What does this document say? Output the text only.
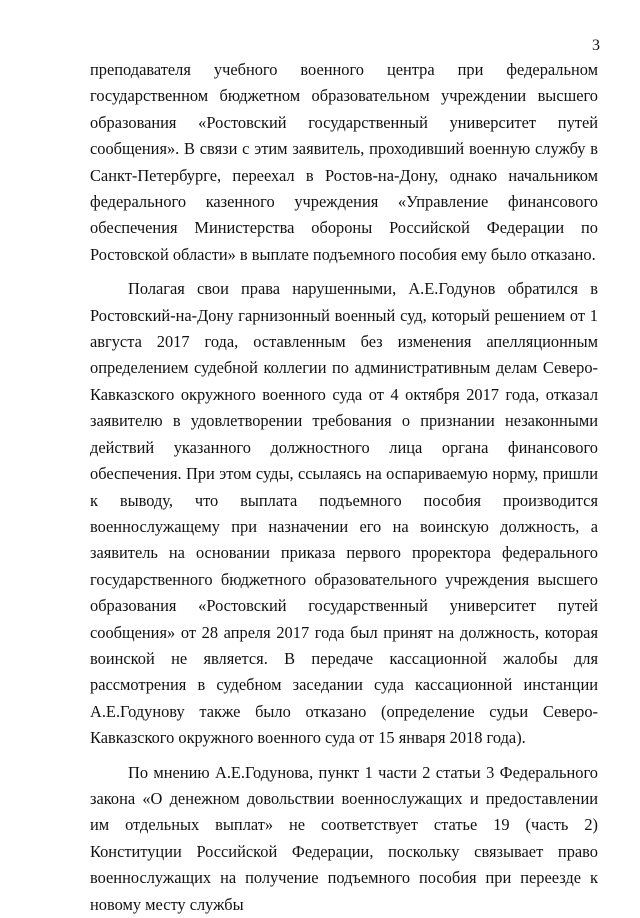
3

преподавателя учебного военного центра при федеральном государственном бюджетном образовательном учреждении высшего образования «Ростовский государственный университет путей сообщения». В связи с этим заявитель, проходивший военную службу в Санкт-Петербурге, переехал в Ростов-на-Дону, однако начальником федерального казенного учреждения «Управление финансового обеспечения Министерства обороны Российской Федерации по Ростовской области» в выплате подъемного пособия ему было отказано.

Полагая свои права нарушенными, А.Е.Годунов обратился в Ростовский-на-Дону гарнизонный военный суд, который решением от 1 августа 2017 года, оставленным без изменения апелляционным определением судебной коллегии по административным делам Северо-Кавказского окружного военного суда от 4 октября 2017 года, отказал заявителю в удовлетворении требования о признании незаконными действий указанного должностного лица органа финансового обеспечения. При этом суды, ссылаясь на оспариваемую норму, пришли к выводу, что выплата подъемного пособия производится военнослужащему при назначении его на воинскую должность, а заявитель на основании приказа первого проректора федерального государственного бюджетного образовательного учреждения высшего образования «Ростовский государственный университет путей сообщения» от 28 апреля 2017 года был принят на должность, которая воинской не является. В передаче кассационной жалобы для рассмотрения в судебном заседании суда кассационной инстанции А.Е.Годунову также было отказано (определение судьи Северо-Кавказского окружного военного суда от 15 января 2018 года).

По мнению А.Е.Годунова, пункт 1 части 2 статьи 3 Федерального закона «О денежном довольствии военнослужащих и предоставлении им отдельных выплат» не соответствует статье 19 (часть 2) Конституции Российской Федерации, поскольку связывает право военнослужащих на получение подъемного пособия при переезде к новому месту службы
